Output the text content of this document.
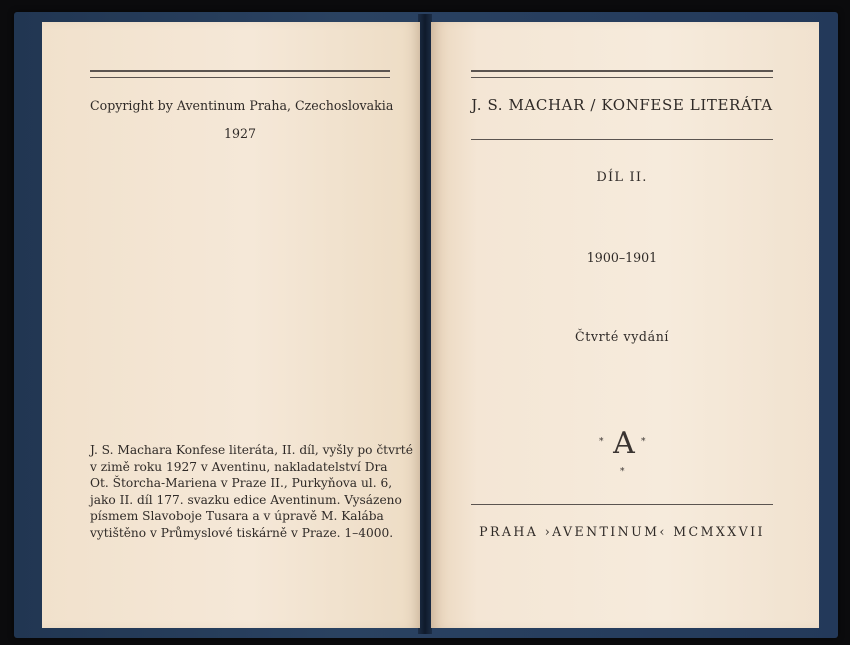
Copyright by Aventinum Praha, Czechoslovakia

1927

J. S. Machara Konfese literáta, II. díl, vyšly po čtvrté
v zimě roku 1927 v Aventinu, nakladatelství Dra
Ot. Štorcha-Mariena v Praze II., Purkyňova ul. 6,
jako II. díl 177. svazku edice Aventinum. Vysázeno
písmem Slavoboje Tusara a v úpravě M. Kalába
vytištěno v Průmyslové tiskárně v Praze. 1–4000.

J. S. MACHAR / KONFESE LITERÁTA

DÍL II.

1900–1901

Čtvrté vydání

A
*	*
*

PRAHA ›AVENTINUM‹ MCMXXVII
